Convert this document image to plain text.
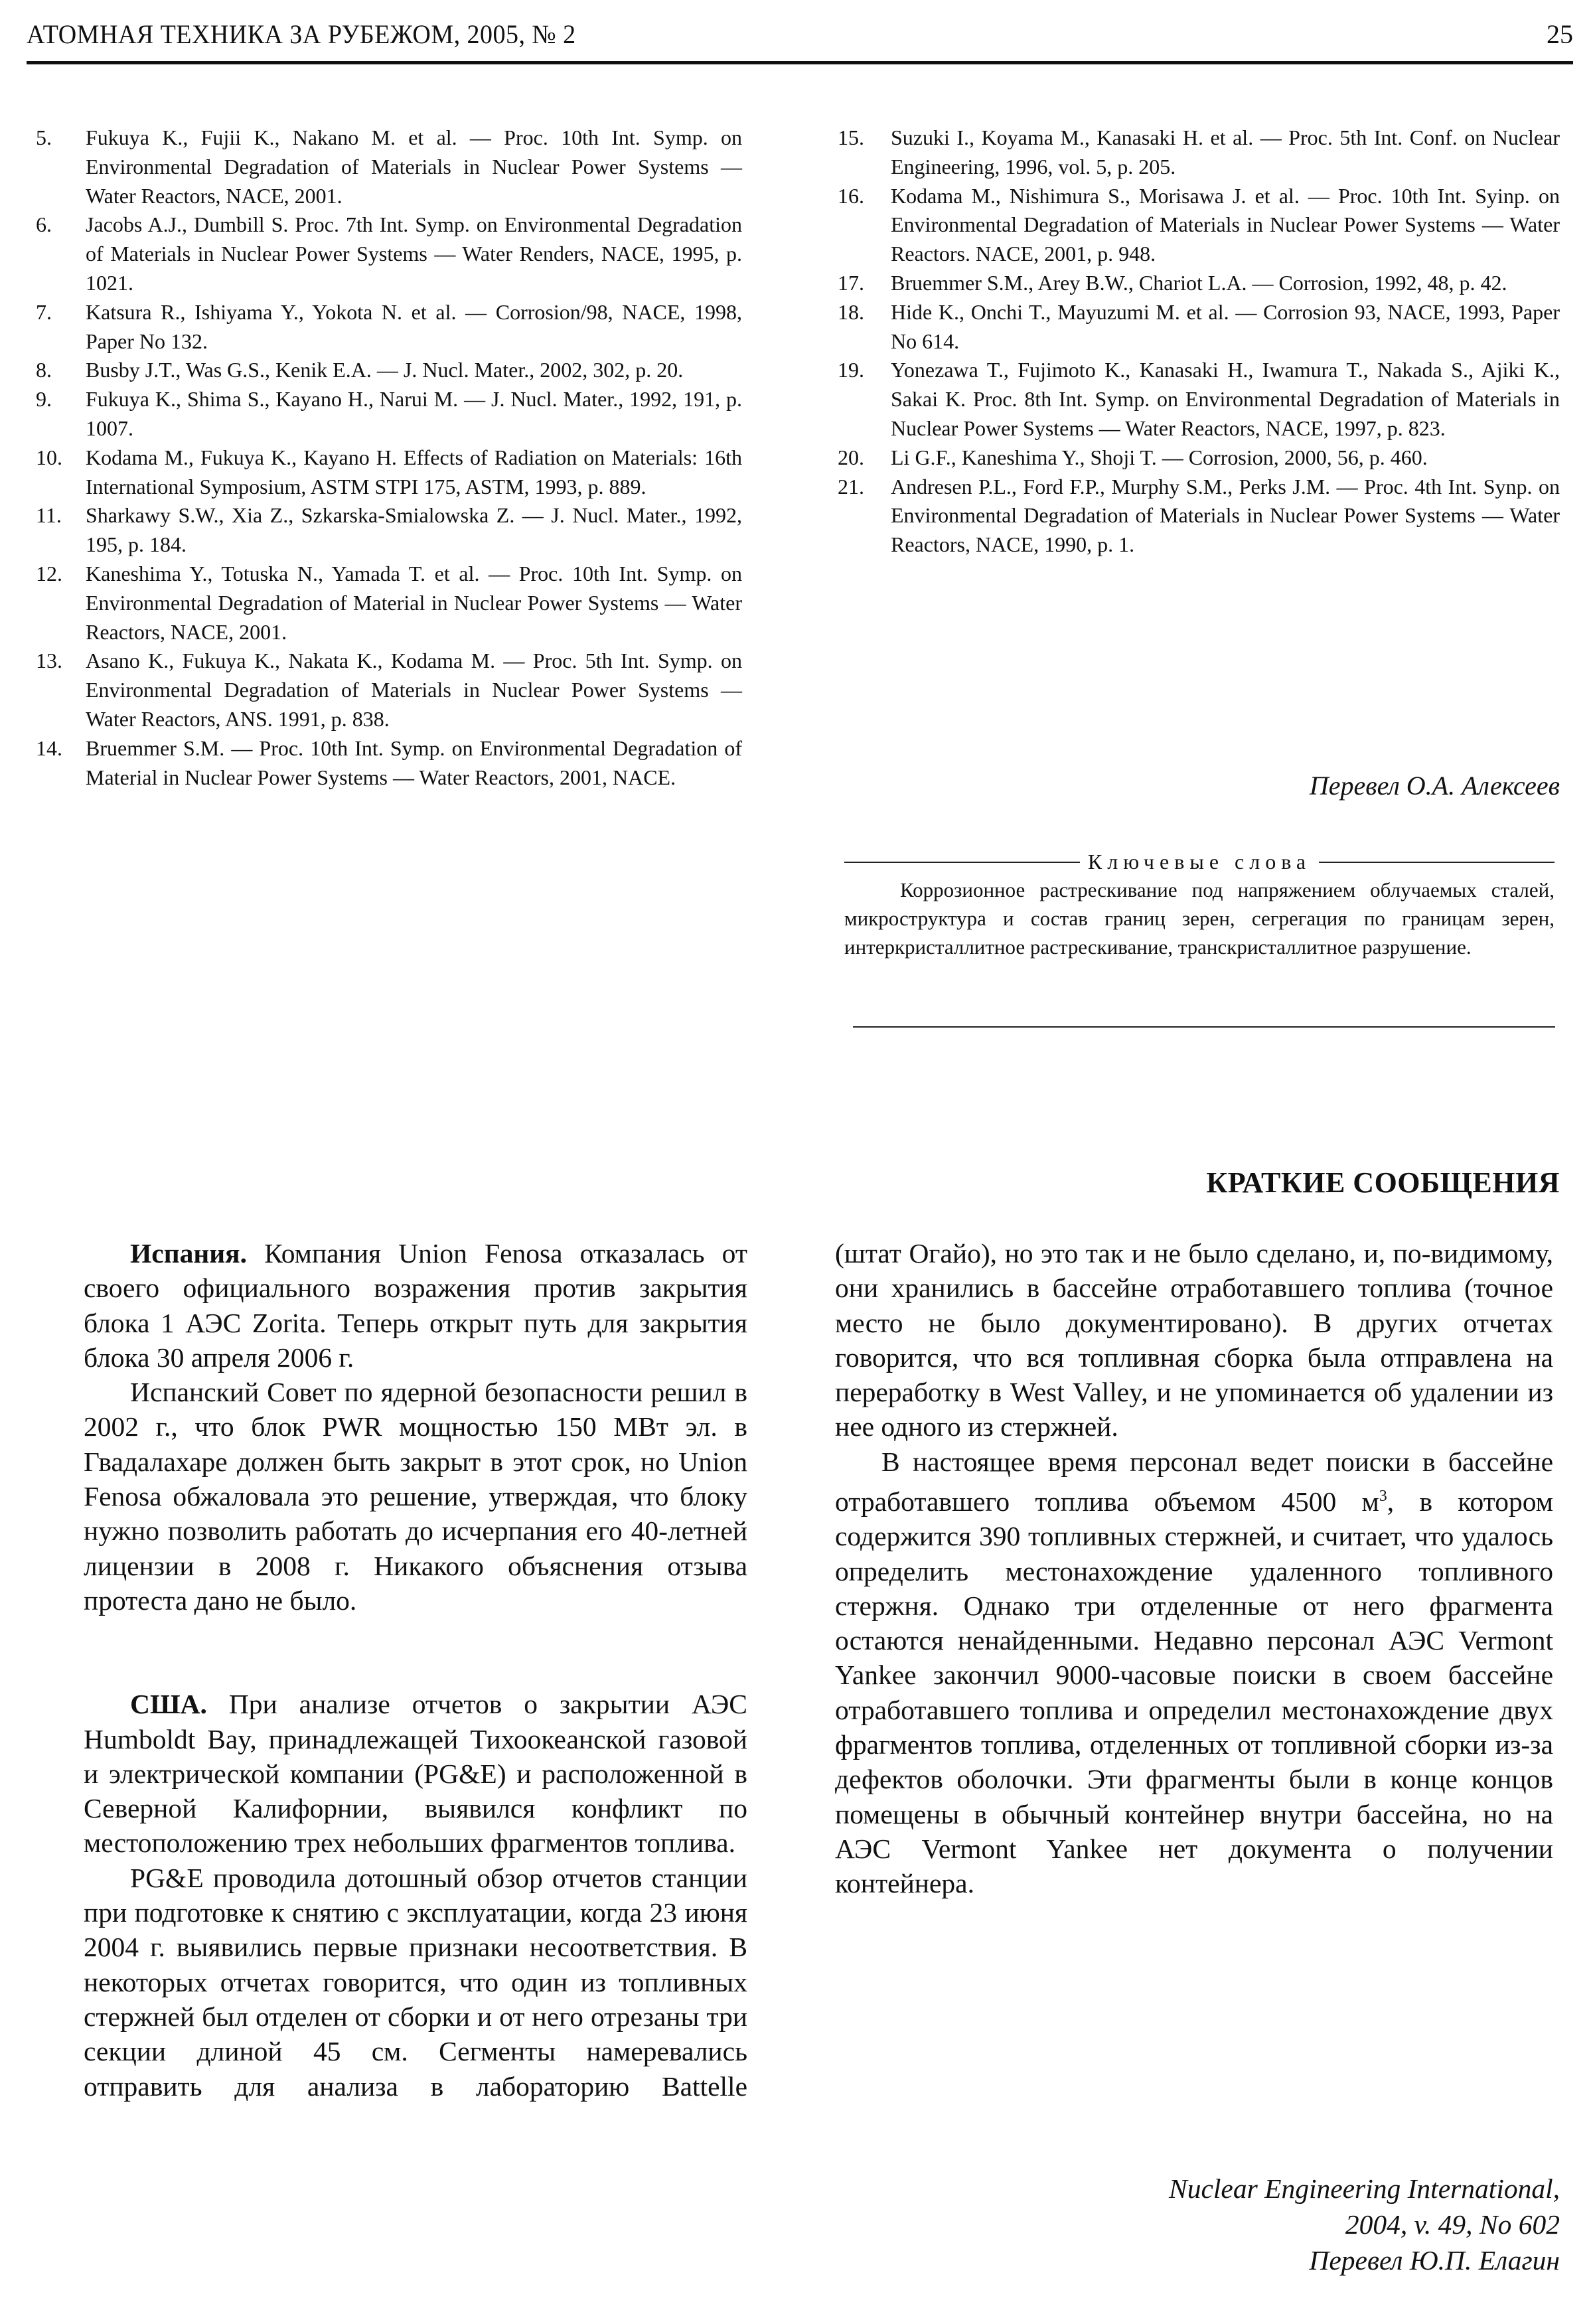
АТОМНАЯ ТЕХНИКА ЗА РУБЕЖОМ, 2005, № 2	25
5.	Fukuya K., Fujii K., Nakano M. et al. — Proc. 10th Int. Symp. on Environmental Degradation of Materials in Nuclear Power Systems — Water Reactors, NACE, 2001.
6.	Jacobs A.J., Dumbill S. Proc. 7th Int. Symp. on Environmental Degradation of Materials in Nuclear Power Systems — Water Renders, NACE, 1995, p. 1021.
7.	Katsura R., Ishiyama Y., Yokota N. et al. — Corrosion/98, NACE, 1998, Paper No 132.
8.	Busby J.T., Was G.S., Kenik E.A. — J. Nucl. Mater., 2002, 302, p. 20.
9.	Fukuya K., Shima S., Kayano H., Narui M. — J. Nucl. Mater., 1992, 191, p. 1007.
10.	Kodama M., Fukuya K., Kayano H. Effects of Radiation on Materials: 16th International Symposium, ASTM STPI 175, ASTM, 1993, p. 889.
11.	Sharkawy S.W., Xia Z., Szkarska-Smialowska Z. — J. Nucl. Mater., 1992, 195, p. 184.
12.	Kaneshima Y., Totuska N., Yamada T. et al. — Proc. 10th Int. Symp. on Environmental Degradation of Material in Nuclear Power Systems — Water Reactors, NACE, 2001.
13.	Asano K., Fukuya K., Nakata K., Kodama M. — Proc. 5th Int. Symp. on Environmental Degradation of Materials in Nuclear Power Systems — Water Reactors, ANS. 1991, p. 838.
14.	Bruemmer S.M. — Proc. 10th Int. Symp. on Environmental Degradation of Material in Nuclear Power Systems — Water Reactors, 2001, NACE.
15.	Suzuki I., Koyama M., Kanasaki H. et al. — Proc. 5th Int. Conf. on Nuclear Engineering, 1996, vol. 5, p. 205.
16.	Kodama M., Nishimura S., Morisawa J. et al. — Proc. 10th Int. Syinp. on Environmental Degradation of Materials in Nuclear Power Systems — Water Reactors. NACE, 2001, p. 948.
17.	Bruemmer S.M., Arey B.W., Chariot L.A. — Corrosion, 1992, 48, p. 42.
18.	Hide K., Onchi T., Mayuzumi M. et al. — Corrosion 93, NACE, 1993, Paper No 614.
19.	Yonezawa T., Fujimoto K., Kanasaki H., Iwamura T., Nakada S., Ajiki K., Sakai K. Proc. 8th Int. Symp. on Environmental Degradation of Materials in Nuclear Power Systems — Water Reactors, NACE, 1997, p. 823.
20.	Li G.F., Kaneshima Y., Shoji T. — Corrosion, 2000, 56, p. 460.
21.	Andresen P.L., Ford F.P., Murphy S.M., Perks J.M. — Proc. 4th Int. Synp. on Environmental Degradation of Materials in Nuclear Power Systems — Water Reactors, NACE, 1990, p. 1.
Перевел О.А. Алексеев
Ключевые слова
Коррозионное растрескивание под напряжением облучаемых сталей, микроструктура и состав границ зерен, сегрегация по границам зерен, интеркристаллитное растрескивание, транскристаллитное разрушение.
КРАТКИЕ СООБЩЕНИЯ

Испания. Компания Union Fenosa отказалась от своего официального возражения против закрытия блока 1 АЭС Zorita. Теперь открыт путь для закрытия блока 30 апреля 2006 г.

Испанский Совет по ядерной безопасности решил в 2002 г., что блок PWR мощностью 150 МВт эл. в Гвадалахаре должен быть закрыт в этот срок, но Union Fenosa обжаловала это решение, утверждая, что блоку нужно позволить работать до исчерпания его 40-летней лицензии в 2008 г. Никакого объяснения отзыва протеста дано не было.

США. При анализе отчетов о закрытии АЭС Humboldt Bay, принадлежащей Тихоокеанской газовой и электрической компании (PG&E) и расположенной в Северной Калифорнии, выявился конфликт по местоположению трех небольших фрагментов топлива.

PG&E проводила дотошный обзор отчетов станции при подготовке к снятию с эксплуатации, когда 23 июня 2004 г. выявились первые признаки несоответствия. В некоторых отчетах говорится, что один из топливных стержней был отделен от сборки и от него отрезаны три секции длиной 45 см. Сегменты намеревались отправить для анализа в лабораторию Battelle

(штат Огайо), но это так и не было сделано, и, по-видимому, они хранились в бассейне отработавшего топлива (точное место не было документировано). В других отчетах говорится, что вся топливная сборка была отправлена на переработку в West Valley, и не упоминается об удалении из нее одного из стержней.

В настоящее время персонал ведет поиски в бассейне отработавшего топлива объемом 4500 $м^3$, в котором содержится 390 топливных стержней, и считает, что удалось определить местонахождение удаленного топливного стержня. Однако три отделенные от него фрагмента остаются ненайденными. Недавно персонал АЭС Vermont Yankee закончил 9000-часовые поиски в своем бассейне отработавшего топлива и определил местонахождение двух фрагментов топлива, отделенных от топливной сборки из-за дефектов оболочки. Эти фрагменты были в конце концов помещены в обычный контейнер внутри бассейна, но на АЭС Vermont Yankee нет документа о получении контейнера.

Nuclear Engineering International,
2004, v. 49, No 602
Перевел Ю.П. Елагин
